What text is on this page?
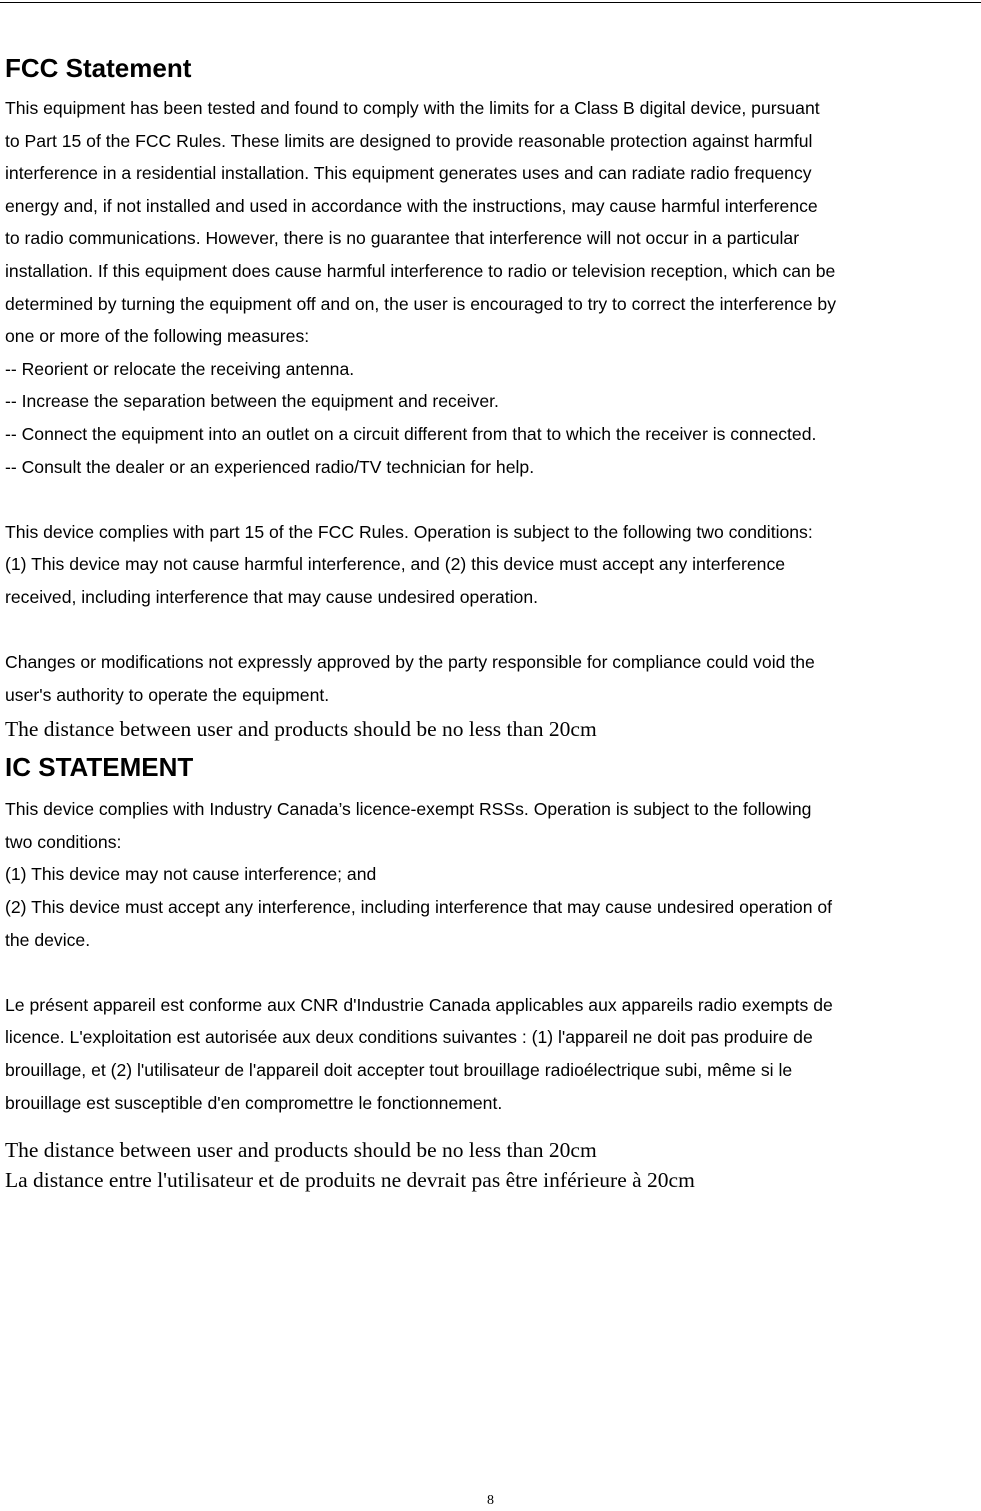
FCC Statement
This equipment has been tested and found to comply with the limits for a Class B digital device, pursuant
to Part 15 of the FCC Rules. These limits are designed to provide reasonable protection against harmful
interference in a residential installation. This equipment generates uses and can radiate radio frequency
energy and, if not installed and used in accordance with the instructions, may cause harmful interference
to radio communications. However, there is no guarantee that interference will not occur in a particular
installation. If this equipment does cause harmful interference to radio or television reception, which can be
determined by turning the equipment off and on, the user is encouraged to try to correct the interference by
one or more of the following measures:
-- Reorient or relocate the receiving antenna.
-- Increase the separation between the equipment and receiver.
-- Connect the equipment into an outlet on a circuit different from that to which the receiver is connected.
-- Consult the dealer or an experienced radio/TV technician for help.
This device complies with part 15 of the FCC Rules. Operation is subject to the following two conditions:
(1) This device may not cause harmful interference, and (2) this device must accept any interference
received, including interference that may cause undesired operation.
Changes or modifications not expressly approved by the party responsible for compliance could void the
user's authority to operate the equipment.
The distance between user and products should be no less than 20cm
IC STATEMENT
This device complies with Industry Canada’s licence-exempt RSSs. Operation is subject to the following
two conditions:
(1) This device may not cause interference; and
(2) This device must accept any interference, including interference that may cause undesired operation of
the device.
Le présent appareil est conforme aux CNR d'Industrie Canada applicables aux appareils radio exempts de
licence. L'exploitation est autorisée aux deux conditions suivantes : (1) l'appareil ne doit pas produire de
brouillage, et (2) l'utilisateur de l'appareil doit accepter tout brouillage radioélectrique subi, même si le
brouillage est susceptible d'en compromettre le fonctionnement.
The distance between user and products should be no less than 20cm
La distance entre l'utilisateur et de produits ne devrait pas être inférieure à 20cm
8
